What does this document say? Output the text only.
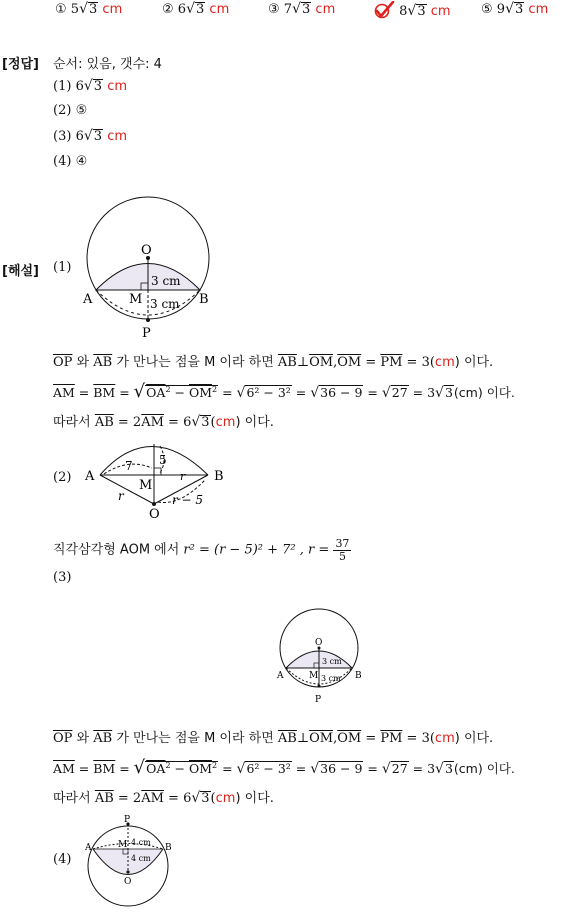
① 5√3 cm	② 6√3 cm	③ 7√3 cm	8√3 cm ⑤ 9√3 cm
[정답] 순서: 있음, 갯수: 4
(1) 6√3 cm
(2) ⑤
(3) 6√3 cm
(4) ④
[해설] (1)
O
A	B
M
P
3 cm
3 cm
$\overline{OP}$ 와 $\overline{AB}$ 가 만나는 점을 M 이라 하면 $\overline{AB}\perp\overline{OM},\overline{OM} = \overline{PM} = 3(cm)$ 이다.
$\overline{AM} = \overline{BM} = √OA^2 - \overline{OM}^2 = √6^2 - 3^2 = √36 - 9 = √27 = 3√3(cm)$ 이다.
따라서 $\overline{AB} = 2\overline{AM} = 6√3(cm)$ 이다.
(2) A	B
M
O
7 5
r	r − 5
r
직각삼각형 AOM 에서 r² = (r − 5)² + 7² , $r = \frac{37}{5}$
(3)
O
A	B
M
P
3 cm
3 cm
$\overline{OP}$ 와 $\overline{AB}$ 가 만나는 점을 M 이라 하면 $\overline{AB}\perp\overline{OM},\overline{OM} = \overline{PM} = 3(cm)$ 이다.
$\overline{AM} = \overline{BM} = √OA^2 - \overline{OM}^2 = √6^2 - 3^2 = √36 - 9 = √27 = 3√3(cm)$ 이다.
따라서 $\overline{AB} = 2\overline{AM} = 6√3(cm)$ 이다.
(4)
P
A	B
M
O
4 cm
4 cm
